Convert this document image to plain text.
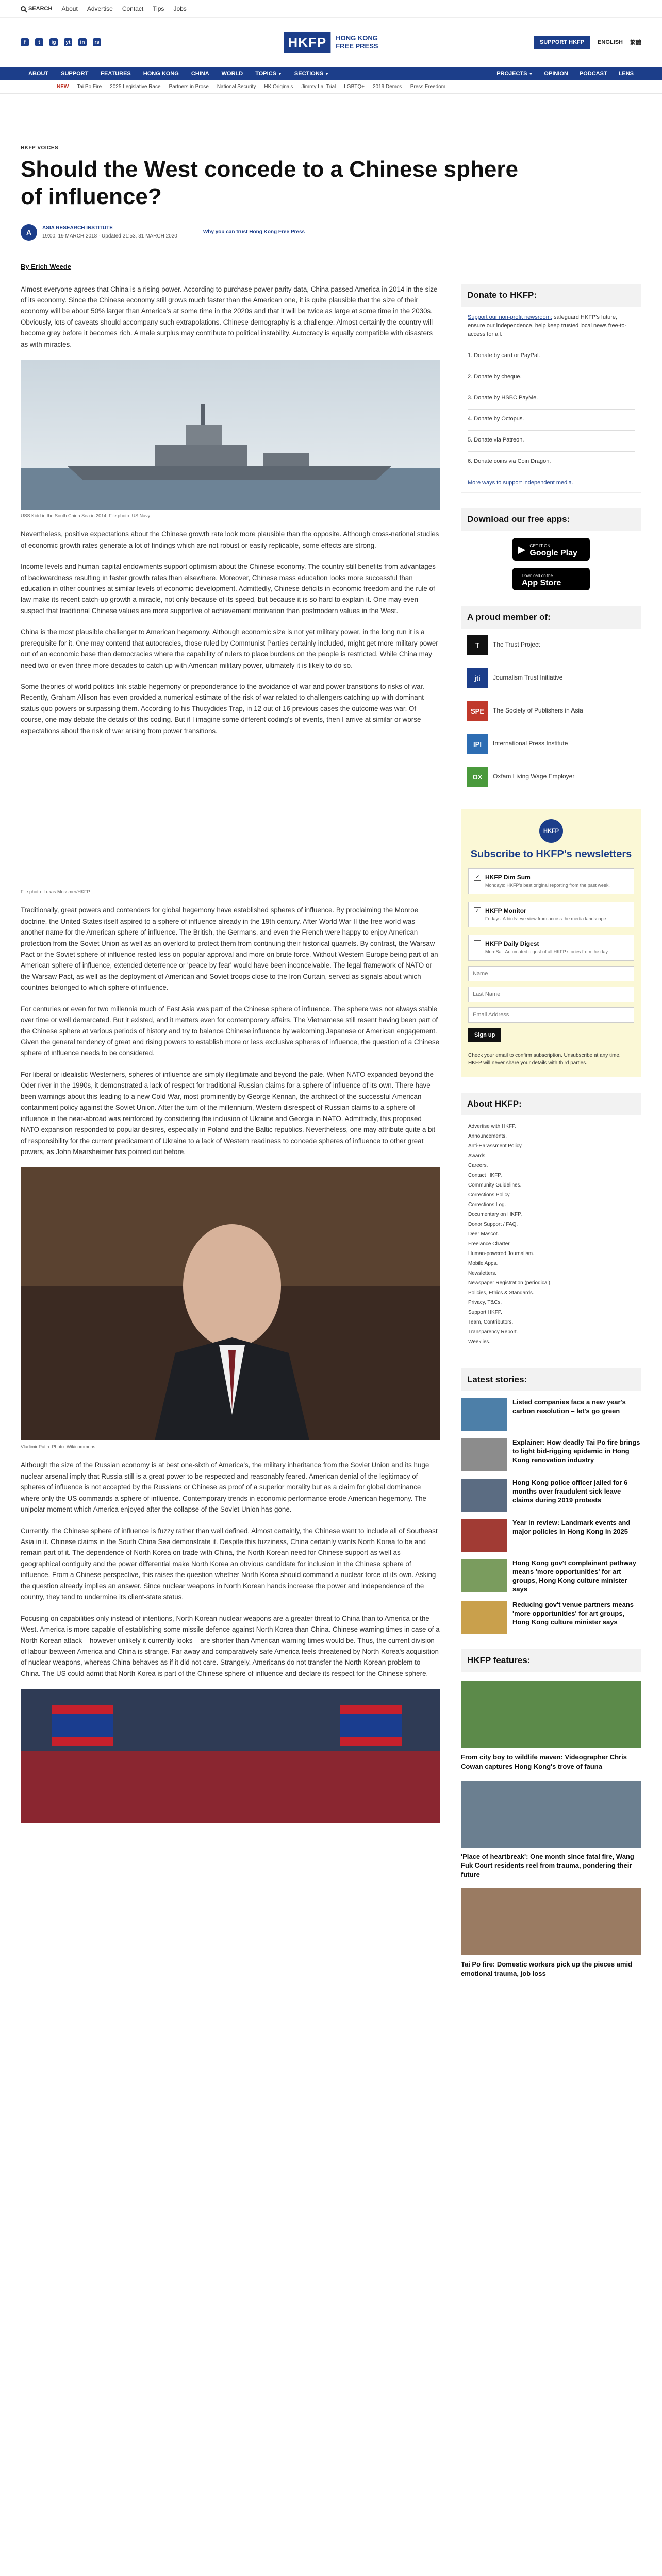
SEARCH About Advertise Contact Tips Jobs
f	t	ig	yt	in	rs	HKFP	HONG KONG
FREE PRESS	SUPPORT HKFP	ENGLISH 繁體
ABOUT SUPPORT FEATURES HONG KONG CHINA WORLD TOPICS ▼ SECTIONS ▼	PROJECTS ▼ OPINION PODCAST LENS
NEW Tai Po Fire 2025 Legislative Race Partners in Prose National Security HK Originals Jimmy Lai Trial LGBTQ+ 2019 Demos Press Freedom
HKFP VOICES
Should the West concede to a Chinese sphere of influence?
A
ASIA RESEARCH INSTITUTE
19:00, 19 MARCH 2018 · Updated 21:53, 31 MARCH 2020
Why you can trust Hong Kong Free Press
By Erich Weede

Almost everyone agrees that China is a rising power. According to purchase power parity data, China passed America in 2014 in the size of its economy. Since the Chinese economy still grows much faster than the American one, it is quite plausible that the size of their economy will be about 50% larger than America's at some time in the 2020s and that it will be twice as large at some time in the 2030s. Obviously, lots of caveats should accompany such extrapolations. Chinese demography is a challenge. Almost certainly the country will become grey before it becomes rich. A male surplus may contribute to political instability. Autocracy is equally compatible with disasters as with miracles.

USS Kidd in the South China Sea in 2014. File photo: US Navy.

Nevertheless, positive expectations about the Chinese growth rate look more plausible than the opposite. Although cross-national studies of economic growth rates generate a lot of findings which are not robust or easily replicable, some effects are strong.

Income levels and human capital endowments support optimism about the Chinese economy. The country still benefits from advantages of backwardness resulting in faster growth rates than elsewhere. Moreover, Chinese mass education looks more successful than education in other countries at similar levels of economic development. Admittedly, Chinese deficits in economic freedom and the rule of law make its recent catch-up growth a miracle, not only because of its speed, but because it is so hard to explain it. One may even suspect that traditional Chinese values are more supportive of achievement motivation than postmodern values in the West.

China is the most plausible challenger to American hegemony. Although economic size is not yet military power, in the long run it is a prerequisite for it. One may contend that autocracies, those ruled by Communist Parties certainly included, might get more military power out of an economic base than democracies where the capability of rulers to place burdens on the people is restricted. While China may need two or even three more decades to catch up with American military power, ultimately it is likely to do so.

Some theories of world politics link stable hegemony or preponderance to the avoidance of war and power transitions to risks of war. Recently, Graham Allison has even provided a numerical estimate of the risk of war related to challengers catching up with dominant status quo powers or surpassing them. According to his Thucydides Trap, in 12 out of 16 previous cases the outcome was war. Of course, one may debate the details of this coding. But if I imagine some different coding's of events, then I arrive at similar or worse expectations about the risk of war arising from power transitions.

File photo: Lukas Messmer/HKFP.

Traditionally, great powers and contenders for global hegemony have established spheres of influence. By proclaiming the Monroe doctrine, the United States itself aspired to a sphere of influence already in the 19th century. After World War II the free world was another name for the American sphere of influence. The British, the Germans, and even the French were happy to enjoy American protection from the Soviet Union as well as an overlord to protect them from continuing their historical quarrels. By contrast, the Warsaw Pact or the Soviet sphere of influence rested less on popular approval and more on brute force. Without Western Europe being part of an American sphere of influence, extended deterrence or 'peace by fear' would have been inconceivable. The legal framework of NATO or the Warsaw Pact, as well as the deployment of American and Soviet troops close to the Iron Curtain, served as signals about which countries belonged to which sphere of influence.

For centuries or even for two millennia much of East Asia was part of the Chinese sphere of influence. The sphere was not always stable over time or well demarcated. But it existed, and it matters even for contemporary affairs. The Vietnamese still resent having been part of the Chinese sphere at various periods of history and try to balance Chinese influence by welcoming Japanese or American engagement. Given the general tendency of great and rising powers to establish more or less exclusive spheres of influence, the question of a Chinese sphere of influence needs to be considered.

For liberal or idealistic Westerners, spheres of influence are simply illegitimate and beyond the pale. When NATO expanded beyond the Oder river in the 1990s, it demonstrated a lack of respect for traditional Russian claims for a sphere of influence of its own. There have been warnings about this leading to a new Cold War, most prominently by George Kennan, the architect of the successful American containment policy against the Soviet Union. After the turn of the millennium, Western disrespect of Russian claims to a sphere of influence in the near-abroad was reinforced by considering the inclusion of Ukraine and Georgia in NATO. Admittedly, this proposed NATO expansion responded to popular desires, especially in Poland and the Baltic republics. Nevertheless, one may attribute quite a bit of responsibility for the current predicament of Ukraine to a lack of Western readiness to concede spheres of influence to other great powers, as John Mearsheimer has pointed out before.

Vladimir Putin. Photo: Wikicommons.

Although the size of the Russian economy is at best one-sixth of America's, the military inheritance from the Soviet Union and its huge nuclear arsenal imply that Russia still is a great power to be respected and reasonably feared. American denial of the legitimacy of spheres of influence is not accepted by the Russians or Chinese as proof of a superior morality but as a claim for global dominance where only the US commands a sphere of influence. Contemporary trends in economic performance erode American hegemony. The unipolar moment which America enjoyed after the collapse of the Soviet Union has gone.

Currently, the Chinese sphere of influence is fuzzy rather than well defined. Almost certainly, the Chinese want to include all of Southeast Asia in it. Chinese claims in the South China Sea demonstrate it. Despite this fuzziness, China certainly wants North Korea to be and remain part of it. The dependence of North Korea on trade with China, the North Korean need for Chinese support as well as geographical contiguity and the power differential make North Korea an obvious candidate for inclusion in the Chinese sphere of influence. From a Chinese perspective, this raises the question whether North Korea should command a nuclear force of its own. Asking the question already implies an answer. Since nuclear weapons in North Korean hands increase the power and independence of the country, they tend to undermine its client-state status.

Focusing on capabilities only instead of intentions, North Korean nuclear weapons are a greater threat to China than to America or the West. America is more capable of establishing some missile defence against North Korea than China. Chinese warning times in case of a North Korean attack – however unlikely it currently looks – are shorter than American warning times would be. Thus, the current division of labour between America and China is strange. Far away and comparatively safe America feels threatened by North Korea's acquisition of nuclear weapons, whereas China behaves as if it did not care. Strangely, Americans do not transfer the North Korean problem to China. The US could admit that North Korea is part of the Chinese sphere of influence and declare its respect for the Chinese sphere.

Donate to HKFP:
Support our non-profit newsroom: safeguard HKFP's future, ensure our independence, help keep trusted local news free-to-access for all.
1. Donate by card or PayPal.
2. Donate by cheque.
3. Donate by HSBC PayMe.
4. Donate by Octopus.
5. Donate via Patreon.
6. Donate coins via Coin Dragon.
More ways to support independent media.
Download our free apps:
▶ GET IT ON
Google Play
Download on the
App Store
A proud member of:
T	The Trust Project
jti	Journalism Trust Initiative
SPE	The Society of Publishers in Asia
IPI	International Press Institute
OX	Oxfam Living Wage Employer
HKFP
Subscribe to HKFP's newsletters
✓ HKFP Dim Sum
Mondays: HKFP's best original reporting from the past week.
✓ HKFP Monitor
Fridays: A birds-eye view from across the media landscape.
HKFP Daily Digest
Mon-Sat: Automated digest of all HKFP stories from the day.
Name Last Name Email Address Sign up
Check your email to confirm subscription. Unsubscribe at any time. HKFP will never share your details with third parties.
About HKFP:
Advertise with HKFP.
Announcements.
Anti-Harassment Policy.
Awards.
Careers.
Contact HKFP.
Community Guidelines.
Corrections Policy.
Corrections Log.
Documentary on HKFP.
Donor Support / FAQ.
Deer Mascot.
Freelance Charter.
Human-powered Journalism.
Mobile Apps.
Newsletters.
Newspaper Registration (periodical).
Policies, Ethics & Standards.
Privacy, T&Cs.
Support HKFP.
Team, Contributors.
Transparency Report.
Weeklies.
Latest stories:
Listed companies face a new year's carbon resolution – let's go green
Explainer: How deadly Tai Po fire brings to light bid-rigging epidemic in Hong Kong renovation industry
Hong Kong police officer jailed for 6 months over fraudulent sick leave claims during 2019 protests
Year in review: Landmark events and major policies in Hong Kong in 2025
Hong Kong gov't complainant pathway means 'more opportunities' for art groups, Hong Kong culture minister says
Reducing gov't venue partners means 'more opportunities' for art groups, Hong Kong culture minister says
HKFP features:
From city boy to wildlife maven: Videographer Chris Cowan captures Hong Kong's trove of fauna
'Place of heartbreak': One month since fatal fire, Wang Fuk Court residents reel from trauma, pondering their future
Tai Po fire: Domestic workers pick up the pieces amid emotional trauma, job loss
